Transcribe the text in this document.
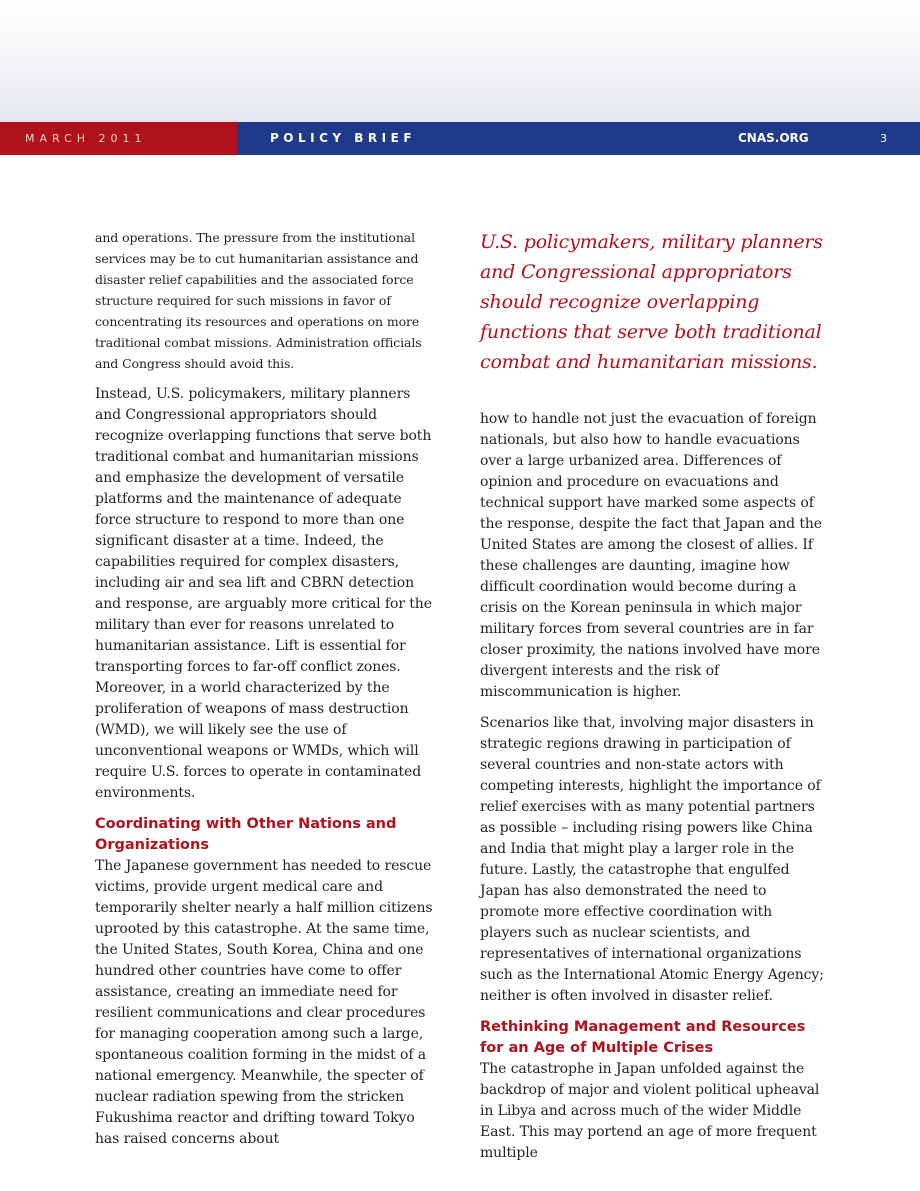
MARCH 2011	POLICY BRIEF	CNAS.ORG	3

and operations. The pressure from the institutional services may be to cut humanitarian assistance and disaster relief capabilities and the associated force structure required for such missions in favor of concentrating its resources and operations on more traditional combat missions. Administration officials and Congress should avoid this.

Instead, U.S. policymakers, military planners and Congressional appropriators should recognize overlapping functions that serve both traditional combat and humanitarian missions and emphasize the development of versatile platforms and the maintenance of adequate force structure to respond to more than one significant disaster at a time. Indeed, the capabilities required for complex disasters, including air and sea lift and CBRN detection and response, are arguably more critical for the military than ever for reasons unrelated to humanitarian assistance. Lift is essential for transporting forces to far-off conflict zones. Moreover, in a world characterized by the proliferation of weapons of mass destruction (WMD), we will likely see the use of unconventional weapons or WMDs, which will require U.S. forces to operate in contaminated environments.

Coordinating with Other Nations and Organizations

The Japanese government has needed to rescue victims, provide urgent medical care and temporarily shelter nearly a half million citizens uprooted by this catastrophe. At the same time, the United States, South Korea, China and one hundred other countries have come to offer assistance, creating an immediate need for resilient communications and clear procedures for managing cooperation among such a large, spontaneous coalition forming in the midst of a national emergency. Meanwhile, the specter of nuclear radiation spewing from the stricken Fukushima reactor and drifting toward Tokyo has raised concerns about

U.S. policymakers, military planners and Congressional appropriators should recognize overlapping functions that serve both traditional combat and humanitarian missions.

how to handle not just the evacuation of foreign nationals, but also how to handle evacuations over a large urbanized area. Differences of opinion and procedure on evacuations and technical support have marked some aspects of the response, despite the fact that Japan and the United States are among the closest of allies. If these challenges are daunting, imagine how difficult coordination would become during a crisis on the Korean peninsula in which major military forces from several countries are in far closer proximity, the nations involved have more divergent interests and the risk of miscommunication is higher.

Scenarios like that, involving major disasters in strategic regions drawing in participation of several countries and non-state actors with competing interests, highlight the importance of relief exercises with as many potential partners as possible – including rising powers like China and India that might play a larger role in the future. Lastly, the catastrophe that engulfed Japan has also demonstrated the need to promote more effective coordination with players such as nuclear scientists, and representatives of international organizations such as the International Atomic Energy Agency; neither is often involved in disaster relief.

Rethinking Management and Resources for an Age of Multiple Crises

The catastrophe in Japan unfolded against the backdrop of major and violent political upheaval in Libya and across much of the wider Middle East. This may portend an age of more frequent multiple
